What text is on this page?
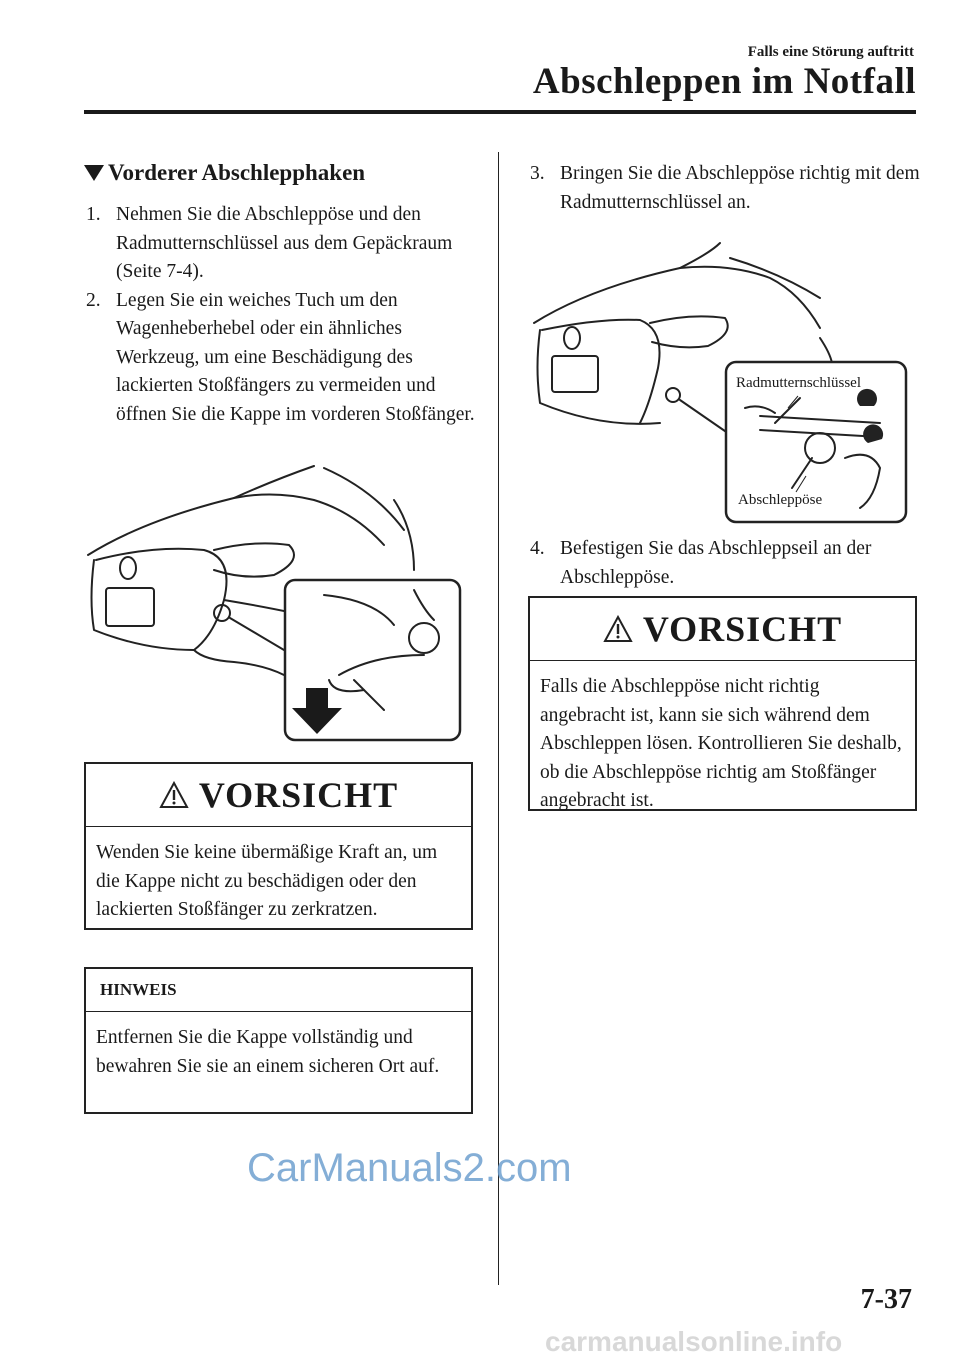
Falls eine Störung auftritt
Abschleppen im Notfall
Vorderer Abschlepphaken
1. Nehmen Sie die Abschleppöse und den Radmutternschlüssel aus dem Gepäckraum (Seite 7-4).
2. Legen Sie ein weiches Tuch um den Wagenheberhebel oder ein ähnliches Werkzeug, um eine Beschädigung des lackierten Stoßfängers zu vermeiden und öffnen Sie die Kappe im vorderen Stoßfänger.
VORSICHT
Wenden Sie keine übermäßige Kraft an, um die Kappe nicht zu beschädigen oder den lackierten Stoßfänger zu zerkratzen.
HINWEIS
Entfernen Sie die Kappe vollständig und bewahren Sie sie an einem sicheren Ort auf.
3. Bringen Sie die Abschleppöse richtig mit dem Radmutternschlüssel an.
Radmutternschlüssel
Abschleppöse
4. Befestigen Sie das Abschleppseil an der Abschleppöse.
VORSICHT
Falls die Abschleppöse nicht richtig angebracht ist, kann sie sich während dem Abschleppen lösen. Kontrollieren Sie deshalb, ob die Abschleppöse richtig am Stoßfänger angebracht ist.
CarManuals2.com
7-37
carmanualsonline.info
